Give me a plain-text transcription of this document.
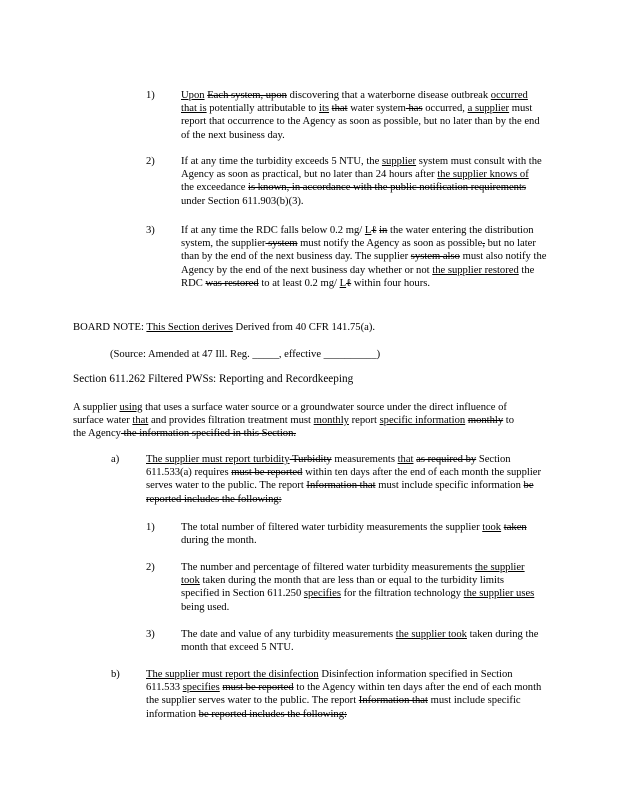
1) Upon Each system, upon discovering that a waterborne disease outbreak occurred that is potentially attributable to its that water system has occurred, a supplier must report that occurrence to the Agency as soon as possible, but no later than by the end of the next business day.
2) If at any time the turbidity exceeds 5 NTU, the supplier system must consult with the Agency as soon as practical, but no later than 24 hours after the supplier knows of the exceedance is known, in accordance with the public notification requirements under Section 611.903(b)(3).
3) If at any time the RDC falls below 0.2 mg/ Lℓ in the water entering the distribution system, the supplier system must notify the Agency as soon as possible, but no later than by the end of the next business day. The supplier system also must also notify the Agency by the end of the next business day whether or not the supplier restored the RDC was restored to at least 0.2 mg/ Lℓ within four hours.
BOARD NOTE: This Section derives Derived from 40 CFR 141.75(a).
(Source: Amended at 47 Ill. Reg. _____, effective __________)
Section 611.262 Filtered PWSs: Reporting and Recordkeeping
A supplier using that uses a surface water source or a groundwater source under the direct influence of surface water that and provides filtration treatment must monthly report specific information monthly to the Agency the information specified in this Section.
a)	The supplier must report turbidity Turbidity measurements that as required by Section 611.533(a) requires must be reported within ten days after the end of each month the supplier serves water to the public. The report Information that must include specific information be reported includes the following:
1) The total number of filtered water turbidity measurements the supplier took taken during the month.
2) The number and percentage of filtered water turbidity measurements the supplier took taken during the month that are less than or equal to the turbidity limits specified in Section 611.250 specifies for the filtration technology the supplier uses being used.
3) The date and value of any turbidity measurements the supplier took taken during the month that exceed 5 NTU.
b) The supplier must report the disinfection Disinfection information specified in Section 611.533 specifies must be reported to the Agency within ten days after the end of each month the supplier serves water to the public. The report Information that must include specific information be reported includes the following:
